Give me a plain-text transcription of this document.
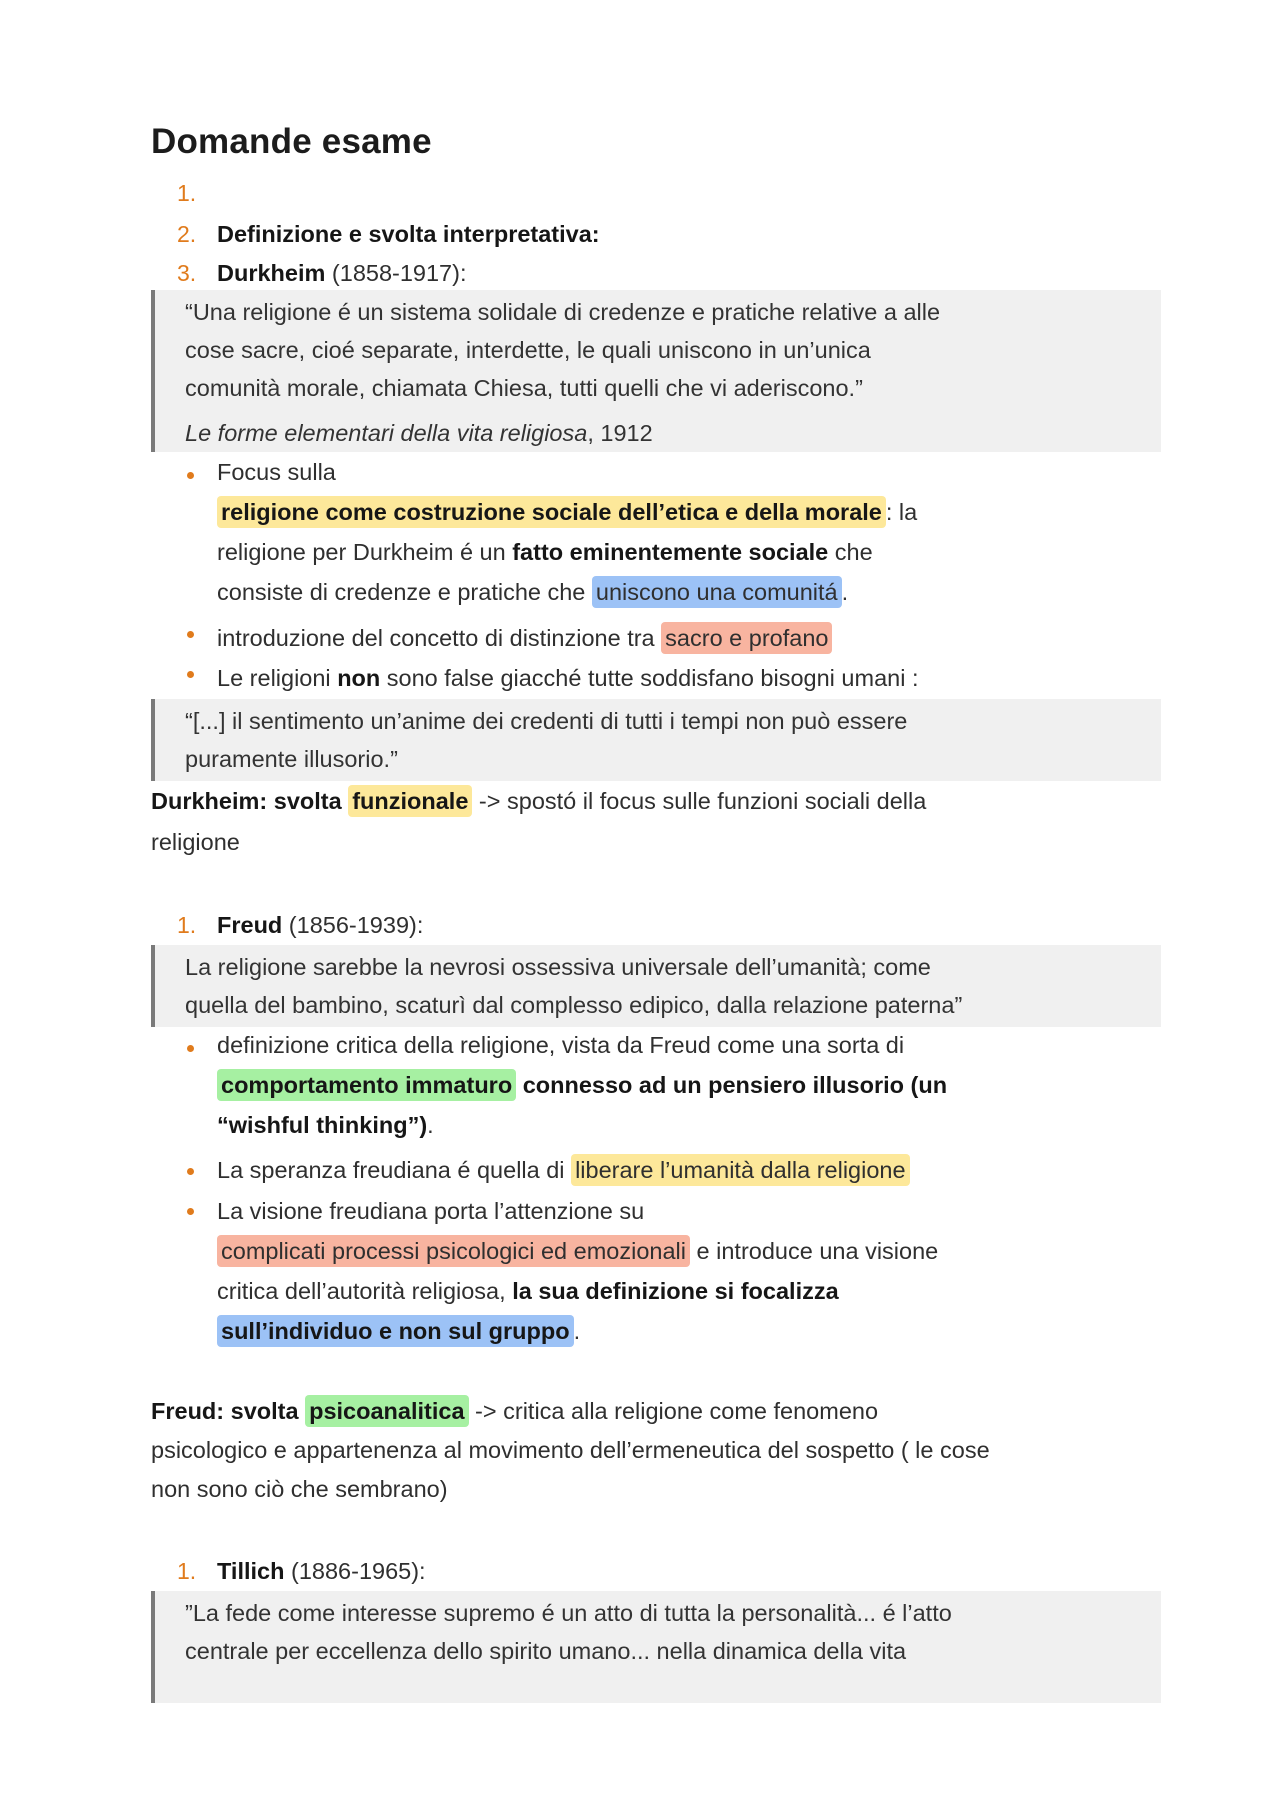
Domande esame
1.
2. Definizione e svolta interpretativa:
3. Durkheim (1858-1917):

“Una religione é un sistema solidale di credenze e pratiche relative a alle

cose sacre, cioé separate, interdette, le quali uniscono in un’unica

comunità morale, chiamata Chiesa, tutti quelli che vi aderiscono.”

Le forme elementari della vita religiosa, 1912

Focus sulla
religione come costruzione sociale dell’etica e della morale : la
religione per Durkheim é un fatto eminentemente sociale che
consiste di credenze e pratiche che uniscono una comunitá .
introduzione del concetto di distinzione tra sacro e profano
Le religioni non sono false giacché tutte soddisfano bisogni umani :

“[...] il sentimento un’anime dei credenti di tutti i tempi non può essere

puramente illusorio.”

Durkheim: svolta funzionale -> spostó il focus sulle funzioni sociali della
religione
1. Freud (1856-1939):

La religione sarebbe la nevrosi ossessiva universale dell’umanità; come

quella del bambino, scaturì dal complesso edipico, dalla relazione paterna”

definizione critica della religione, vista da Freud come una sorta di
comportamento immaturo connesso ad un pensiero illusorio (un
“wishful thinking”).
La speranza freudiana é quella di liberare l’umanità dalla religione
La visione freudiana porta l’attenzione su
complicati processi psicologici ed emozionali e introduce una visione
critica dell’autorità religiosa, la sua definizione si focalizza
sull’individuo e non sul gruppo .
Freud: svolta psicoanalitica -> critica alla religione come fenomeno
psicologico e appartenenza al movimento dell’ermeneutica del sospetto ( le cose
non sono ciò che sembrano)
1. Tillich (1886-1965):

”La fede come interesse supremo é un atto di tutta la personalità... é l’atto

centrale per eccellenza dello spirito umano... nella dinamica della vita
